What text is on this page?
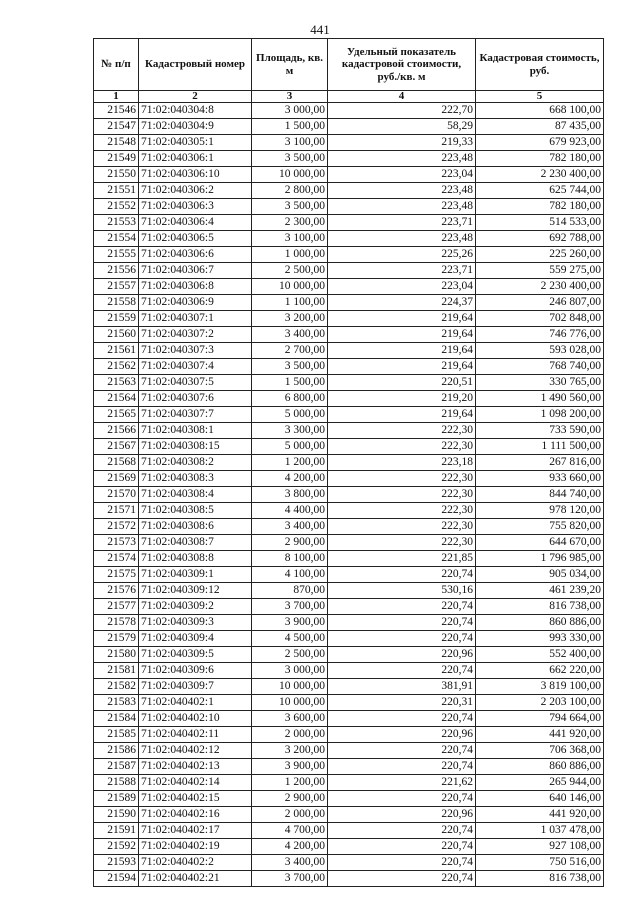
441
№ п/п	Кадастровый номер	Площадь, кв. м	Удельный показатель кадастровой стоимости, руб./кв. м	Кадастровая стоимость, руб.
1	2	3	4	5
21546	71:02:040304:8	3 000,00	222,70	668 100,00
21547	71:02:040304:9	1 500,00	58,29	87 435,00
21548	71:02:040305:1	3 100,00	219,33	679 923,00
21549	71:02:040306:1	3 500,00	223,48	782 180,00
21550	71:02:040306:10	10 000,00	223,04	2 230 400,00
21551	71:02:040306:2	2 800,00	223,48	625 744,00
21552	71:02:040306:3	3 500,00	223,48	782 180,00
21553	71:02:040306:4	2 300,00	223,71	514 533,00
21554	71:02:040306:5	3 100,00	223,48	692 788,00
21555	71:02:040306:6	1 000,00	225,26	225 260,00
21556	71:02:040306:7	2 500,00	223,71	559 275,00
21557	71:02:040306:8	10 000,00	223,04	2 230 400,00
21558	71:02:040306:9	1 100,00	224,37	246 807,00
21559	71:02:040307:1	3 200,00	219,64	702 848,00
21560	71:02:040307:2	3 400,00	219,64	746 776,00
21561	71:02:040307:3	2 700,00	219,64	593 028,00
21562	71:02:040307:4	3 500,00	219,64	768 740,00
21563	71:02:040307:5	1 500,00	220,51	330 765,00
21564	71:02:040307:6	6 800,00	219,20	1 490 560,00
21565	71:02:040307:7	5 000,00	219,64	1 098 200,00
21566	71:02:040308:1	3 300,00	222,30	733 590,00
21567	71:02:040308:15	5 000,00	222,30	1 111 500,00
21568	71:02:040308:2	1 200,00	223,18	267 816,00
21569	71:02:040308:3	4 200,00	222,30	933 660,00
21570	71:02:040308:4	3 800,00	222,30	844 740,00
21571	71:02:040308:5	4 400,00	222,30	978 120,00
21572	71:02:040308:6	3 400,00	222,30	755 820,00
21573	71:02:040308:7	2 900,00	222,30	644 670,00
21574	71:02:040308:8	8 100,00	221,85	1 796 985,00
21575	71:02:040309:1	4 100,00	220,74	905 034,00
21576	71:02:040309:12	870,00	530,16	461 239,20
21577	71:02:040309:2	3 700,00	220,74	816 738,00
21578	71:02:040309:3	3 900,00	220,74	860 886,00
21579	71:02:040309:4	4 500,00	220,74	993 330,00
21580	71:02:040309:5	2 500,00	220,96	552 400,00
21581	71:02:040309:6	3 000,00	220,74	662 220,00
21582	71:02:040309:7	10 000,00	381,91	3 819 100,00
21583	71:02:040402:1	10 000,00	220,31	2 203 100,00
21584	71:02:040402:10	3 600,00	220,74	794 664,00
21585	71:02:040402:11	2 000,00	220,96	441 920,00
21586	71:02:040402:12	3 200,00	220,74	706 368,00
21587	71:02:040402:13	3 900,00	220,74	860 886,00
21588	71:02:040402:14	1 200,00	221,62	265 944,00
21589	71:02:040402:15	2 900,00	220,74	640 146,00
21590	71:02:040402:16	2 000,00	220,96	441 920,00
21591	71:02:040402:17	4 700,00	220,74	1 037 478,00
21592	71:02:040402:19	4 200,00	220,74	927 108,00
21593	71:02:040402:2	3 400,00	220,74	750 516,00
21594	71:02:040402:21	3 700,00	220,74	816 738,00
